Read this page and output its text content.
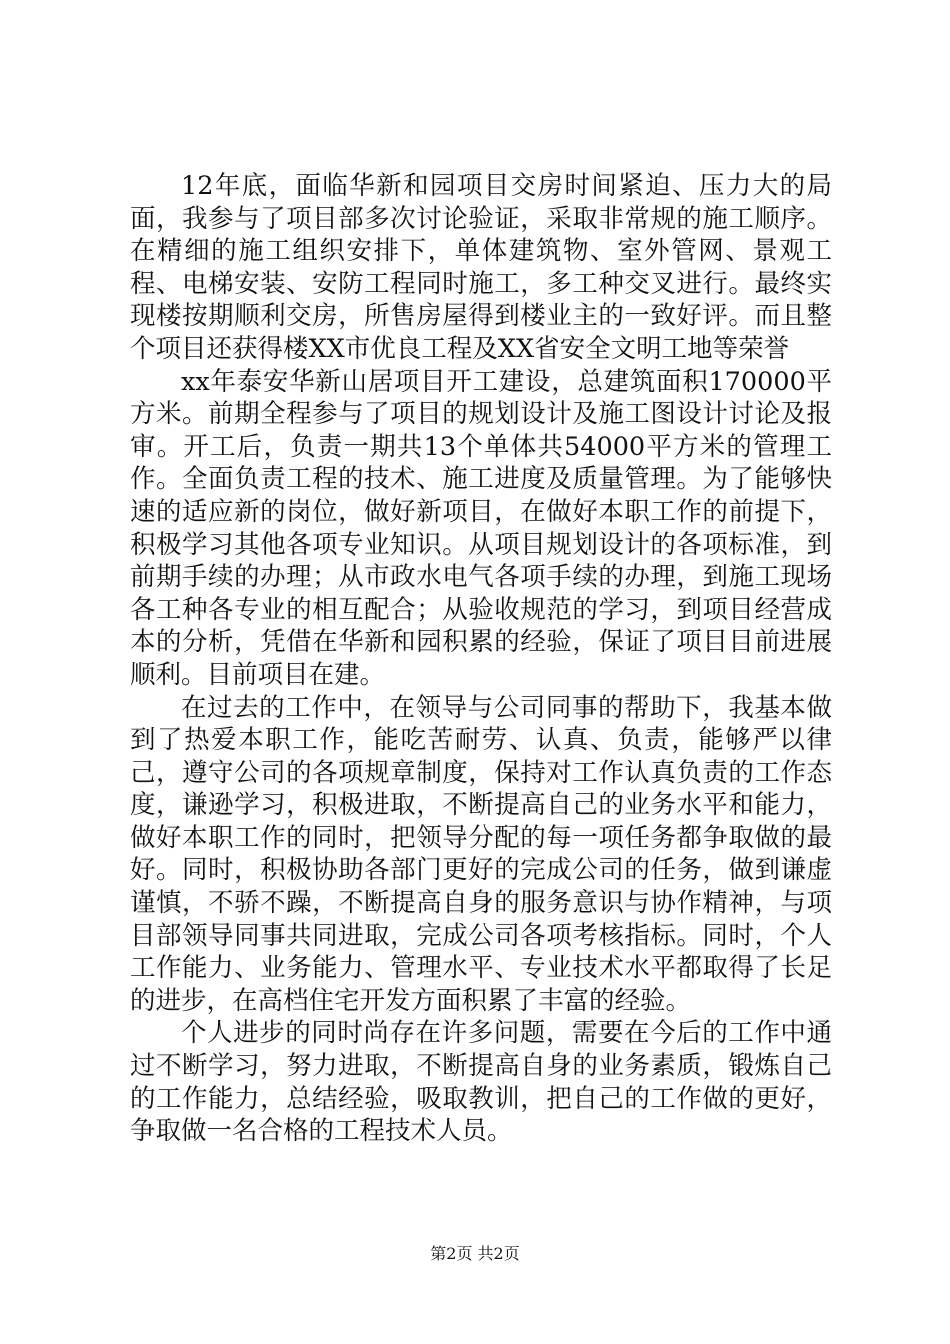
12年底，面临华新和园项目交房时间紧迫、压力大的局面，我参与了项目部多次讨论验证，采取非常规的施工顺序。在精细的施工组织安排下，单体建筑物、室外管网、景观工程、电梯安装、安防工程同时施工，多工种交叉进行。最终实现楼按期顺利交房，所售房屋得到楼业主的一致好评。而且整个项目还获得楼XX市优良工程及XX省安全文明工地等荣誉

xx年泰安华新山居项目开工建设，总建筑面积170000平方米。前期全程参与了项目的规划设计及施工图设计讨论及报审。开工后，负责一期共13个单体共54000平方米的管理工作。全面负责工程的技术、施工进度及质量管理。为了能够快速的适应新的岗位，做好新项目，在做好本职工作的前提下，积极学习其他各项专业知识。从项目规划设计的各项标准，到前期手续的办理；从市政水电气各项手续的办理，到施工现场各工种各专业的相互配合；从验收规范的学习，到项目经营成本的分析，凭借在华新和园积累的经验，保证了项目目前进展顺利。目前项目在建。

在过去的工作中，在领导与公司同事的帮助下，我基本做到了热爱本职工作，能吃苦耐劳、认真、负责，能够严以律己，遵守公司的各项规章制度，保持对工作认真负责的工作态度，谦逊学习，积极进取，不断提高自己的业务水平和能力，做好本职工作的同时，把领导分配的每一项任务都争取做的最好。同时，积极协助各部门更好的完成公司的任务，做到谦虚谨慎，不骄不躁，不断提高自身的服务意识与协作精神，与项目部领导同事共同进取，完成公司各项考核指标。同时，个人工作能力、业务能力、管理水平、专业技术水平都取得了长足的进步，在高档住宅开发方面积累了丰富的经验。

个人进步的同时尚存在许多问题，需要在今后的工作中通过不断学习，努力进取，不断提高自身的业务素质，锻炼自己的工作能力，总结经验，吸取教训，把自己的工作做的更好，争取做一名合格的工程技术人员。

第2页 共2页
